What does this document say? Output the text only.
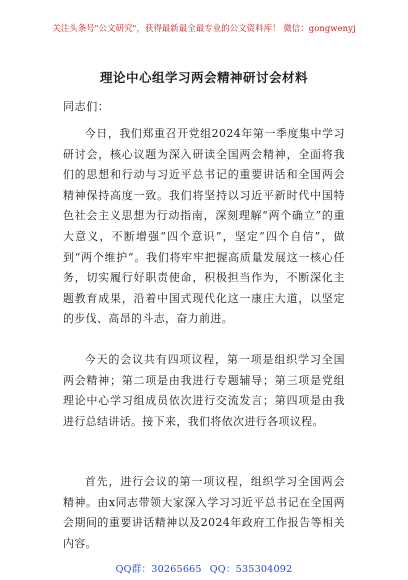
关注头条号"公文研究"，获得最新最全最专业的公文资料库！ 微信：gongwenyj
理论中心组学习两会精神研讨会材料
同志们：

今日，我们郑重召开党组2024年第一季度集中学习研讨会，核心议题为深入研读全国两会精神，全面将我们的思想和行动与习近平总书记的重要讲话和全国两会精神保持高度一致。我们将坚持以习近平新时代中国特色社会主义思想为行动指南，深刻理解“两个确立”的重大意义，不断增强“四个意识”，坚定“四个自信”，做到“两个维护”。我们将牢牢把握高质量发展这一核心任务，切实履行好职责使命，积极担当作为，不断深化主题教育成果，沿着中国式现代化这一康庄大道，以坚定的步伐、高昂的斗志，奋力前进。

今天的会议共有四项议程，第一项是组织学习全国两会精神；第二项是由我进行专题辅导；第三项是党组理论中心学习组成员依次进行交流发言；第四项是由我进行总结讲话。接下来，我们将依次进行各项议程。

首先，进行会议的第一项议程，组织学习全国两会精神。由x同志带领大家深入学习习近平总书记在全国两会期间的重要讲话精神以及2024年政府工作报告等相关内容。

QQ群：30265665 QQ：535304092
